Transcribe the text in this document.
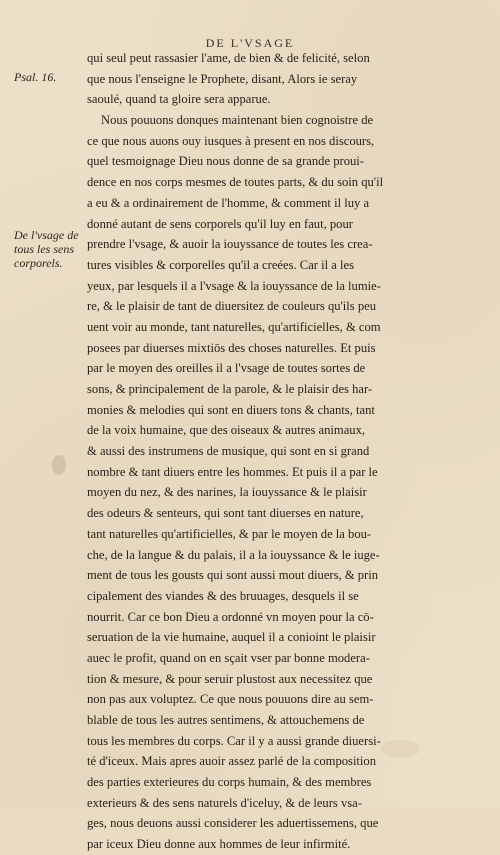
DE L'VSAGE
Psal. 16.
De l'vsage de tous les sens corporels.
qui seul peut rassasier l'ame, de bien & de felicité, selon
que nous l'enseigne le Prophete, disant, Alors ie seray
saoulé, quand ta gloire sera apparue.
Nous pouuons donques maintenant bien cognoistre de
ce que nous auons ouy iusques à present en nos discours,
quel tesmoignage Dieu nous donne de sa grande proui-
dence en nos corps mesmes de toutes parts, & du soin qu'il
a eu & a ordinairement de l'homme, & comment il luy a
donné autant de sens corporels qu'il luy en faut, pour
prendre l'vsage, & auoir la iouyssance de toutes les crea-
tures visibles & corporelles qu'il a creées. Car il a les
yeux, par lesquels il a l'vsage & la iouyssance de la lumie-
re, & le plaisir de tant de diuersitez de couleurs qu'ils peu
uent voir au monde, tant naturelles, qu'artificielles, & com
posees par diuerses mixtiōs des choses naturelles. Et puis
par le moyen des oreilles il a l'vsage de toutes sortes de
sons, & principalement de la parole, & le plaisir des har-
monies & melodies qui sont en diuers tons & chants, tant
de la voix humaine, que des oiseaux & autres animaux,
& aussi des instrumens de musique, qui sont en si grand
nombre & tant diuers entre les hommes. Et puis il a par le
moyen du nez, & des narines, la iouyssance & le plaisir
des odeurs & senteurs, qui sont tant diuerses en nature,
tant naturelles qu'artificielles, & par le moyen de la bou-
che, de la langue & du palais, il a la iouyssance & le iuge-
ment de tous les gousts qui sont aussi mout diuers, & prin
cipalement des viandes & des bruuages, desquels il se
nourrit. Car ce bon Dieu a ordonné vn moyen pour la cō-
seruation de la vie humaine, auquel il a conioint le plaisir
auec le profit, quand on en sçait vser par bonne modera-
tion & mesure, & pour seruir plustost aux necessitez que
non pas aux voluptez. Ce que nous pouuons dire au sem-
blable de tous les autres sentimens, & attouchemens de
tous les membres du corps. Car il y a aussi grande diuersi-
té d'iceux. Mais apres auoir assez parlé de la composition
des parties exterieures du corps humain, & des membres
exterieurs & des sens naturels d'iceluy, & de leurs vsa-
ges, nous deuons aussi considerer les aduertissemens, que
par iceux Dieu donne aux hommes de leur infirmité.
